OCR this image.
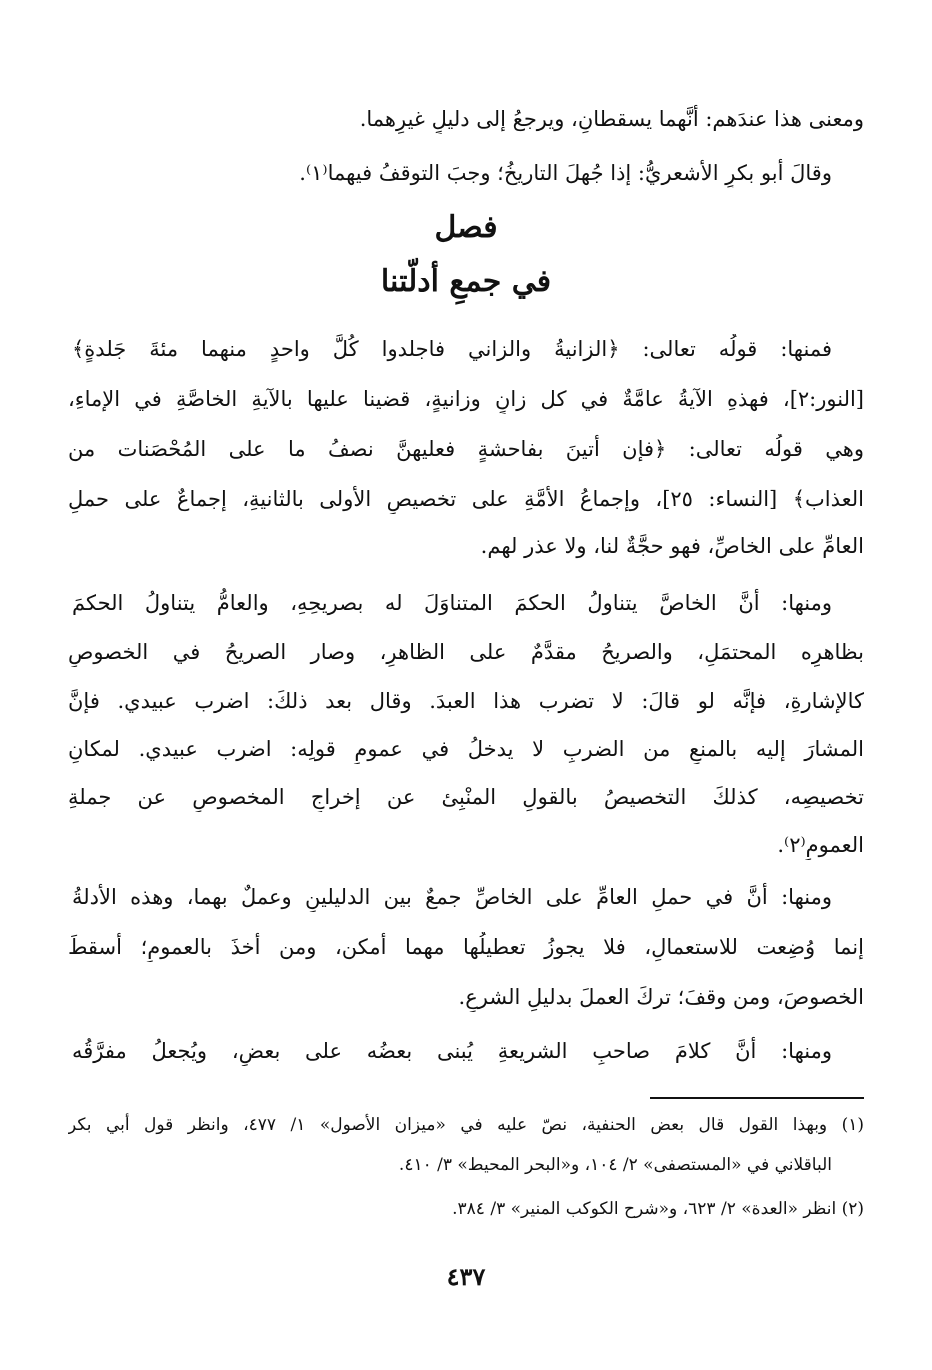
ومعنى هذا عندَهم: أنَّهما يسقطانِ، ويرجعُ إلى دليلٍ غيرِهما.
وقالَ أبو بكرٍ الأشعريُّ: إذا جُهلَ التاريخُ؛ وجبَ التوقفُ فيهما⁽١⁾.
فصل
في جمعِ أدلّتنا
فمنها: قولُه تعالى: ﴿الزانيةُ والزاني فاجلدوا كُلَّ واحدٍ منهما مئةَ جَلدةٍ﴾
[النور:٢]، فهذهِ الآيةُ عامَّةٌ في كل زانٍ وزانيةٍ، قضينا عليها بالآيةِ الخاصَّةِ في الإماءِ،
وهي قولُه تعالى: ﴿فإن أتينَ بفاحشةٍ فعليهنَّ نصفُ ما على المُحْصَنات من
العذاب﴾ [النساء: ٢٥]، وإجماعُ الأمَّةِ على تخصيصِ الأولى بالثانيةِ، إجماعٌ على حملِ
العامِّ على الخاصِّ، فهو حجَّةٌ لنا، ولا عذر لهم.
ومنها: أنَّ الخاصَّ يتناولُ الحكمَ المتناوَلَ له بصريحِهِ، والعامُّ يتناولُ الحكمَ
بظاهرِه المحتمَلِ، والصريحُ مقدَّمٌ على الظاهرِ، وصار الصريحُ في الخصوصِ
كالإشارةِ، فإنَّه لو قالَ: لا تضرب هذا العبدَ. وقال بعد ذلكَ: اضرب عبيدي. فإنَّ
المشارَ إليه بالمنعِ من الضربِ لا يدخلُ في عمومِ قولِه: اضرب عبيدي. لمكانِ
تخصيصِه، كذلكَ التخصيصُ بالقولِ المنْبِئ عن إخراجِ المخصوصِ عن جملةِ
العمومِ⁽٢⁾.
ومنها: أنَّ في حملِ العامِّ على الخاصِّ جمعٌ بين الدليلينِ وعملٌ بهما، وهذه الأدلةُ
إنما وُضِعت للاستعمالِ، فلا يجوزُ تعطيلُها مهما أمكن، ومن أخذَ بالعمومِ؛ أسقطَ
الخصوصَ، ومن وقفَ؛ تركَ العملَ بدليلِ الشرعِ.
ومنها: أنَّ كلامَ صاحبِ الشريعةِ يُبنى بعضُه على بعضٍ، ويُجعلُ مفرَّقُه
(١) وبهذا القول قال بعض الحنفية، نصّ عليه في «ميزان الأصول» ١/ ٤٧٧، وانظر قول أبي بكر
الباقلاني في «المستصفى» ٢/ ١٠٤، و«البحر المحيط» ٣/ ٤١٠.
(٢) انظر «العدة» ٢/ ٦٢٣، و«شرح الكوكب المنير» ٣/ ٣٨٤.
٤٣٧
